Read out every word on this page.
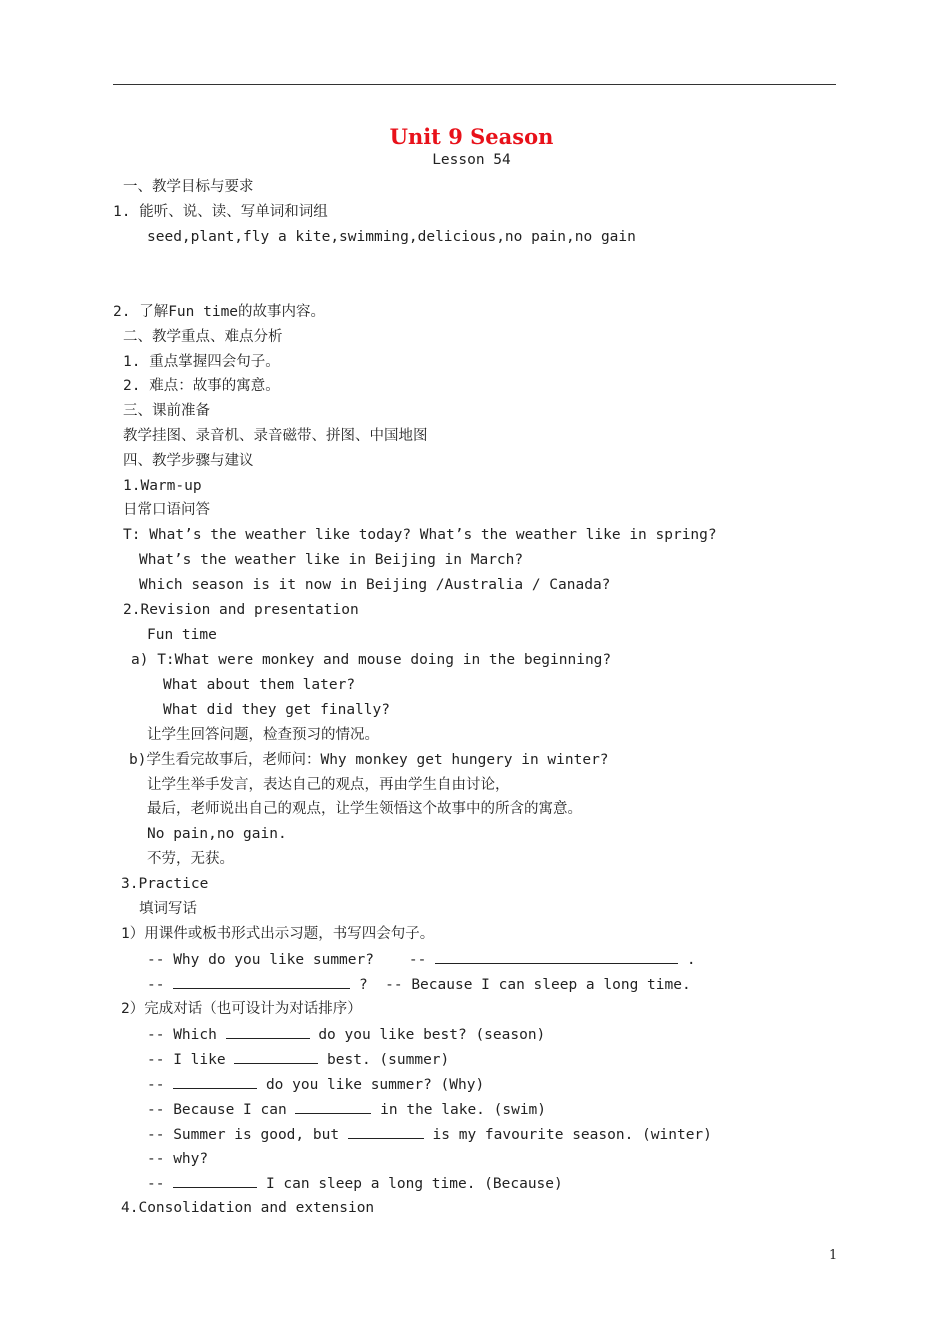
Unit 9 Season
Lesson 54
一、教学目标与要求
1. 能听、说、读、写单词和词组
seed,plant,fly a kite,swimming,delicious,no pain,no gain
2. 了解Fun time的故事内容。
二、教学重点、难点分析
1. 重点掌握四会句子。
2. 难点：故事的寓意。
三、课前准备
教学挂图、录音机、录音磁带、拼图、中国地图
四、教学步骤与建议
1.Warm-up
日常口语问答
T: What’s the weather like today? What’s the weather like in spring?
What’s the weather like in Beijing in March?
Which season is it now in Beijing /Australia / Canada?
2.Revision and presentation
Fun time
a) T:What were monkey and mouse doing in the beginning?
What about them later?
What did they get finally?
让学生回答问题，检查预习的情况。
b)学生看完故事后，老师问：Why monkey get hungery in winter?
让学生举手发言，表达自己的观点，再由学生自由讨论，
最后，老师说出自己的观点，让学生领悟这个故事中的所含的寓意。
No pain,no gain.
不劳，无获。
3.Practice
填词写话
1）用课件或板书形式出示习题，书写四会句子。
-- Why do you like summer? --	.
--	? -- Because I can sleep a long time.
2）完成对话（也可设计为对话排序）
-- Which	do you like best? (season)
-- I like	best. (summer)
--	do you like summer? (Why)
-- Because I can	in the lake. (swim)
-- Summer is good, but	is my favourite season. (winter)
-- why?
--	I can sleep a long time. (Because)
4.Consolidation and extension
1
